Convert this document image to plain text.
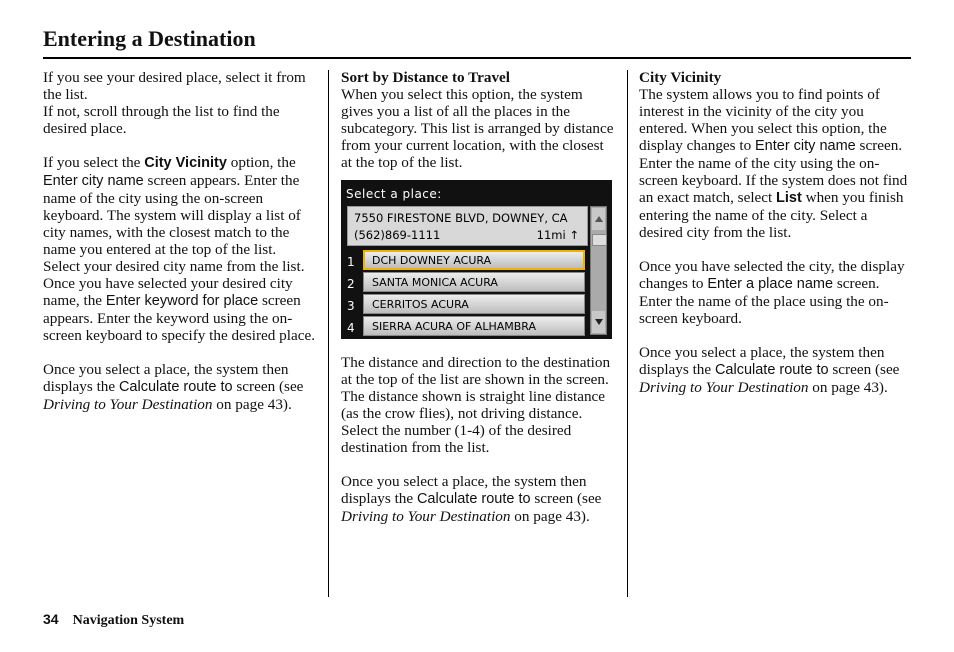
Entering a Destination

If you see your desired place, select it from the list.

If not, scroll through the list to find the desired place.

If you select the City Vicinity option, the Enter city name screen appears. Enter the name of the city using the on-screen keyboard. The system will display a list of city names, with the closest match to the name you entered at the top of the list. Select your desired city name from the list. Once you have selected your desired city name, the Enter keyword for place screen appears. Enter the keyword using the on-screen keyboard to specify the desired place.

Once you select a place, the system then displays the Calculate route to screen (see Driving to Your Destination on page 43).

Sort by Distance to Travel

When you select this option, the system gives you a list of all the places in the subcategory. This list is arranged by distance from your current location, with the closest at the top of the list.

Select a place:
7550 FIRESTONE BLVD, DOWNEY, CA
(562)869-1111	11mi ↑
1	DCH DOWNEY ACURA
2	SANTA MONICA ACURA
3	CERRITOS ACURA
4	SIERRA ACURA OF ALHAMBRA

The distance and direction to the destination at the top of the list are shown in the screen. The distance shown is straight line distance (as the crow flies), not driving distance. Select the number (1-4) of the desired destination from the list.

Once you select a place, the system then displays the Calculate route to screen (see Driving to Your Destination on page 43).

City Vicinity

The system allows you to find points of interest in the vicinity of the city you entered. When you select this option, the display changes to Enter city name screen. Enter the name of the city using the on-screen keyboard. If the system does not find an exact match, select List when you finish entering the name of the city. Select a desired city from the list.

Once you have selected the city, the display changes to Enter a place name screen. Enter the name of the place using the on-screen keyboard.

Once you select a place, the system then displays the Calculate route to screen (see Driving to Your Destination on page 43).

34 Navigation System
